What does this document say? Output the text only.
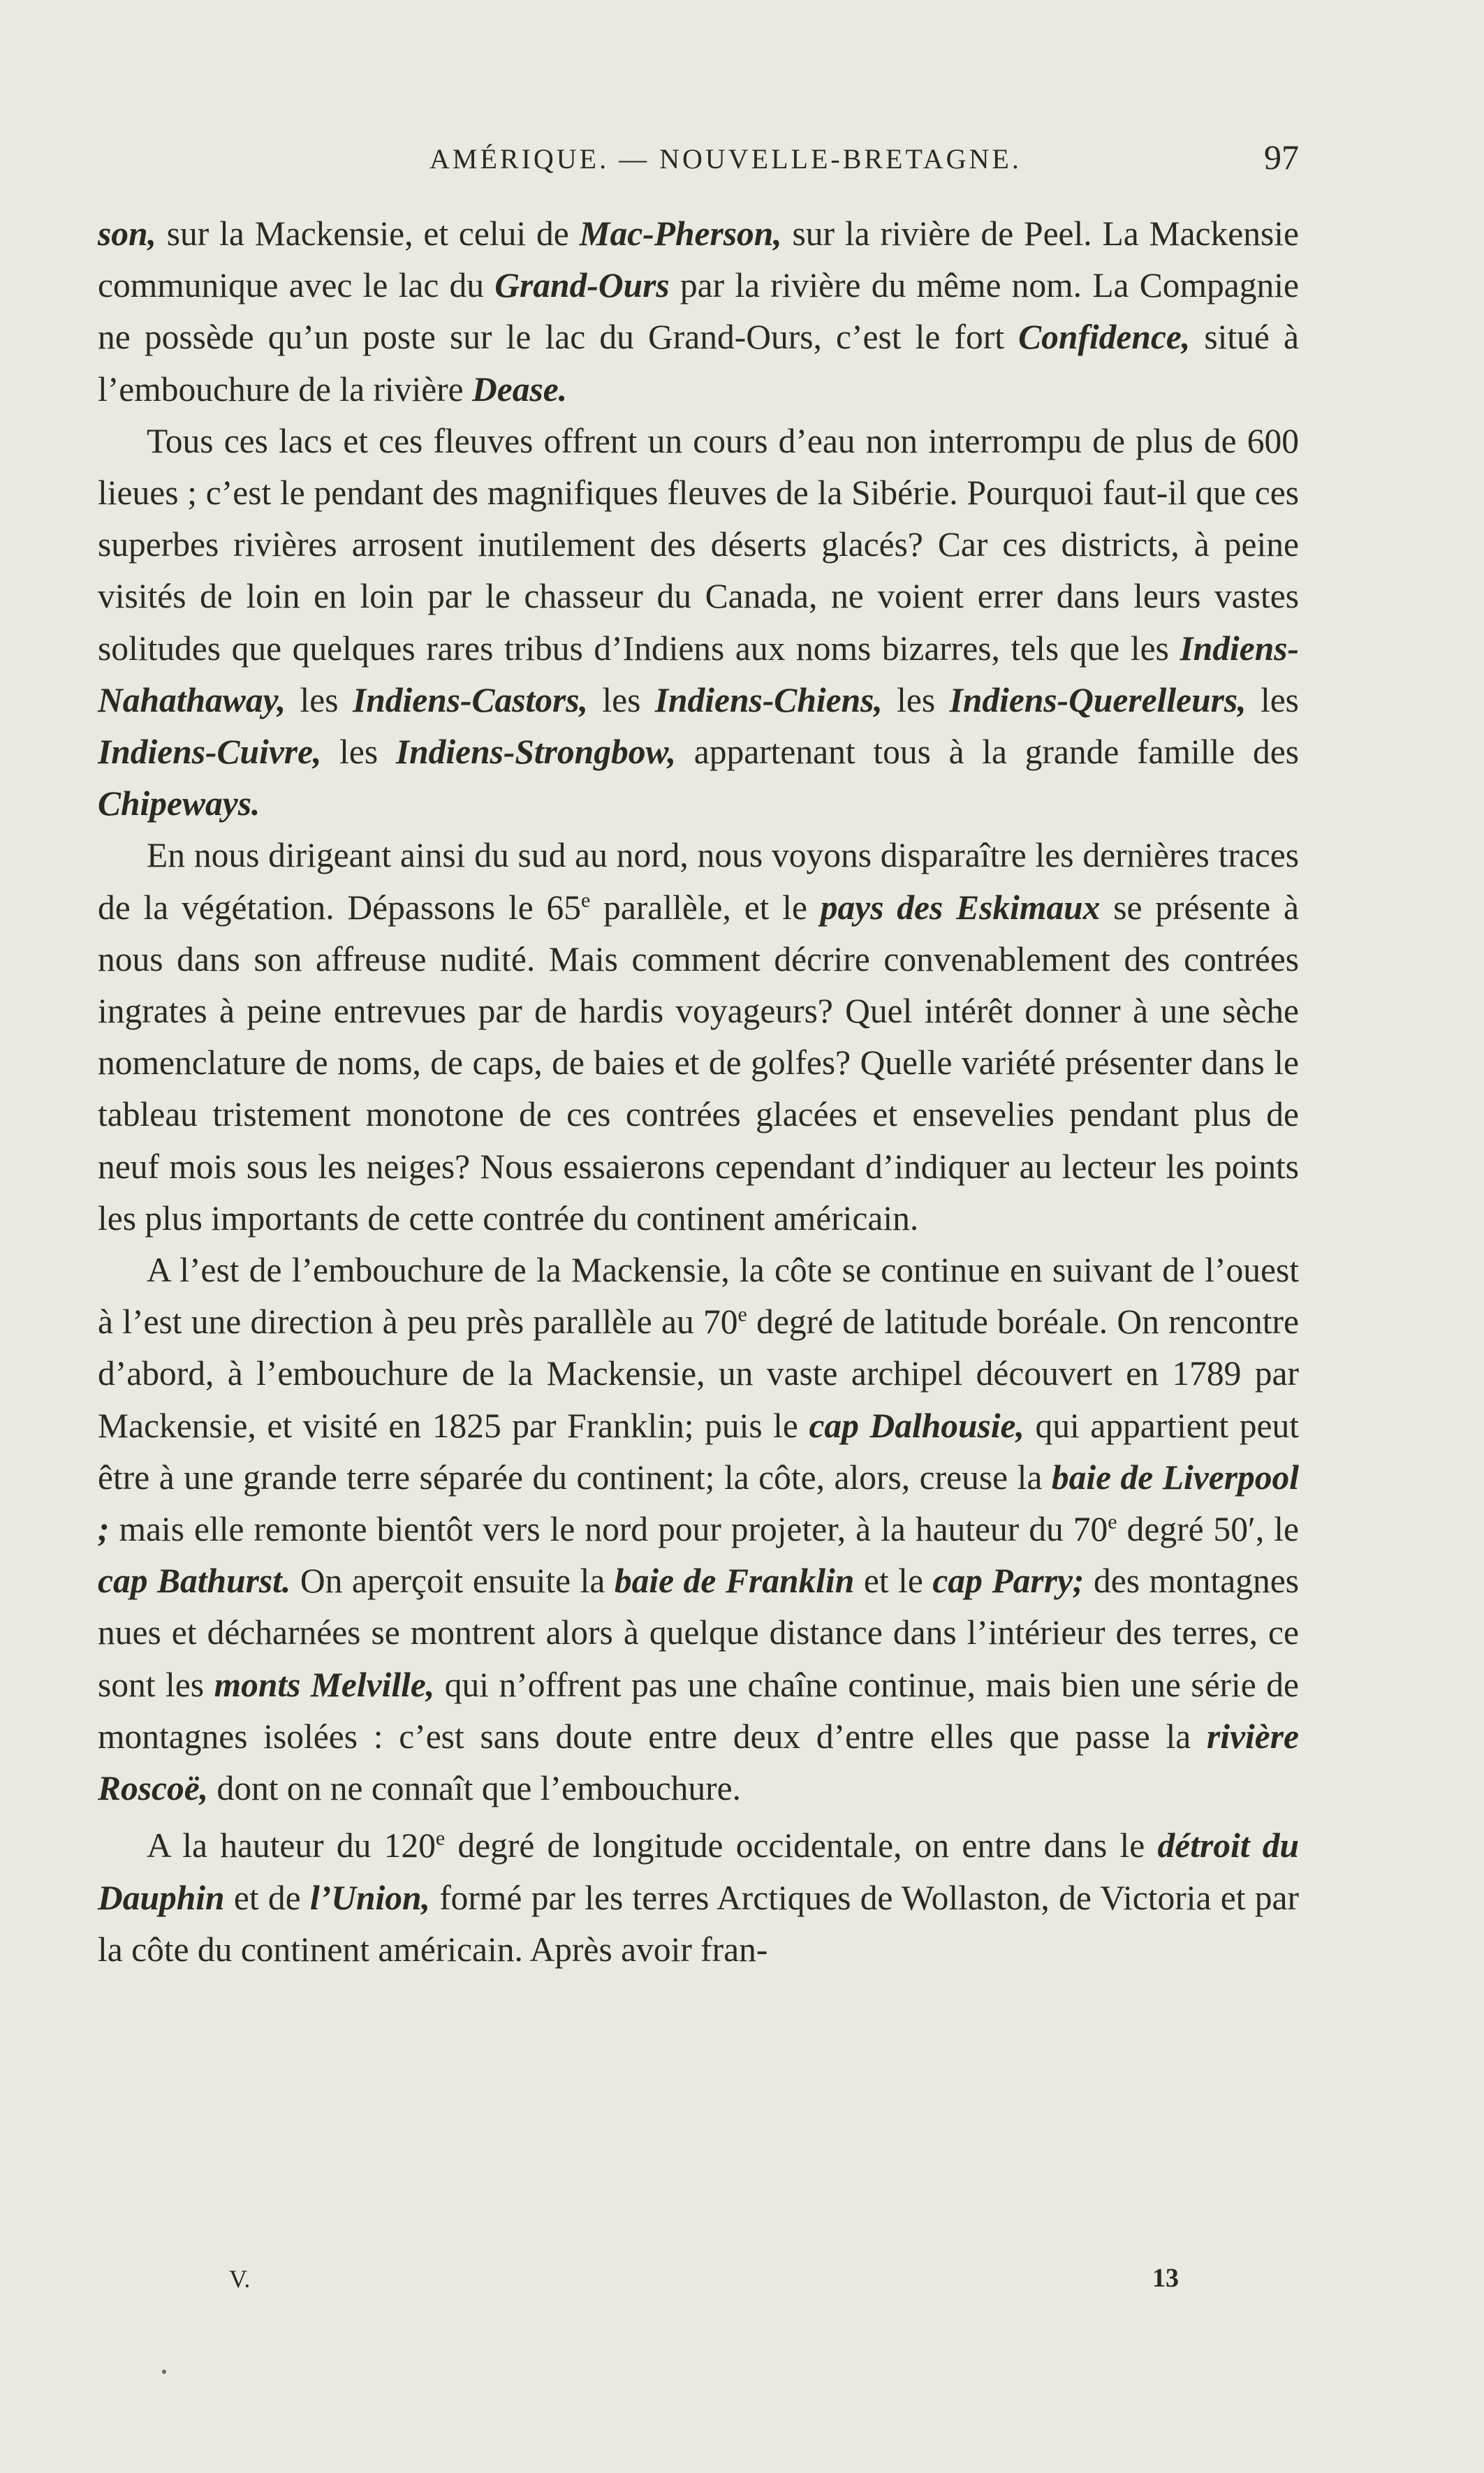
AMÉRIQUE. — NOUVELLE-BRETAGNE.	97

son, sur la Mackensie, et celui de Mac-Pherson, sur la rivière de Peel. La Mackensie communique avec le lac du Grand-Ours par la rivière du même nom. La Compagnie ne possède qu’un poste sur le lac du Grand-Ours, c’est le fort Confidence, situé à l’embouchure de la rivière Dease.

Tous ces lacs et ces fleuves offrent un cours d’eau non interrompu de plus de 600 lieues ; c’est le pendant des magnifiques fleuves de la Sibérie. Pourquoi faut-il que ces superbes rivières arrosent inutilement des déserts glacés? Car ces districts, à peine visités de loin en loin par le chasseur du Canada, ne voient errer dans leurs vastes solitudes que quelques rares tribus d’Indiens aux noms bizarres, tels que les Indiens-Nahathaway, les Indiens-Castors, les Indiens-Chiens, les Indiens-Querelleurs, les Indiens-Cuivre, les Indiens-Strongbow, appartenant tous à la grande famille des Chipeways.

En nous dirigeant ainsi du sud au nord, nous voyons disparaître les dernières traces de la végétation. Dépassons le 65e parallèle, et le pays des Eskimaux se présente à nous dans son affreuse nudité. Mais comment décrire convenablement des contrées ingrates à peine entrevues par de hardis voyageurs? Quel intérêt donner à une sèche nomenclature de noms, de caps, de baies et de golfes? Quelle variété présenter dans le tableau tristement monotone de ces contrées glacées et ensevelies pendant plus de neuf mois sous les neiges? Nous essaierons cependant d’indiquer au lecteur les points les plus importants de cette contrée du continent américain.

A l’est de l’embouchure de la Mackensie, la côte se continue en suivant de l’ouest à l’est une direction à peu près parallèle au 70e degré de latitude boréale. On rencontre d’abord, à l’embouchure de la Mackensie, un vaste archipel découvert en 1789 par Mackensie, et visité en 1825 par Franklin; puis le cap Dalhousie, qui appartient peut être à une grande terre séparée du continent; la côte, alors, creuse la baie de Liverpool ; mais elle remonte bientôt vers le nord pour projeter, à la hauteur du 70e degré 50′, le cap Bathurst. On aperçoit ensuite la baie de Franklin et le cap Parry; des montagnes nues et décharnées se montrent alors à quelque distance dans l’intérieur des terres, ce sont les monts Melville, qui n’offrent pas une chaîne continue, mais bien une série de montagnes isolées : c’est sans doute entre deux d’entre elles que passe la rivière Roscoë, dont on ne connaît que l’embouchure.

A la hauteur du 120e degré de longitude occidentale, on entre dans le détroit du Dauphin et de l’Union, formé par les terres Arctiques de Wollaston, de Victoria et par la côte du continent américain. Après avoir fran-

V.	13
